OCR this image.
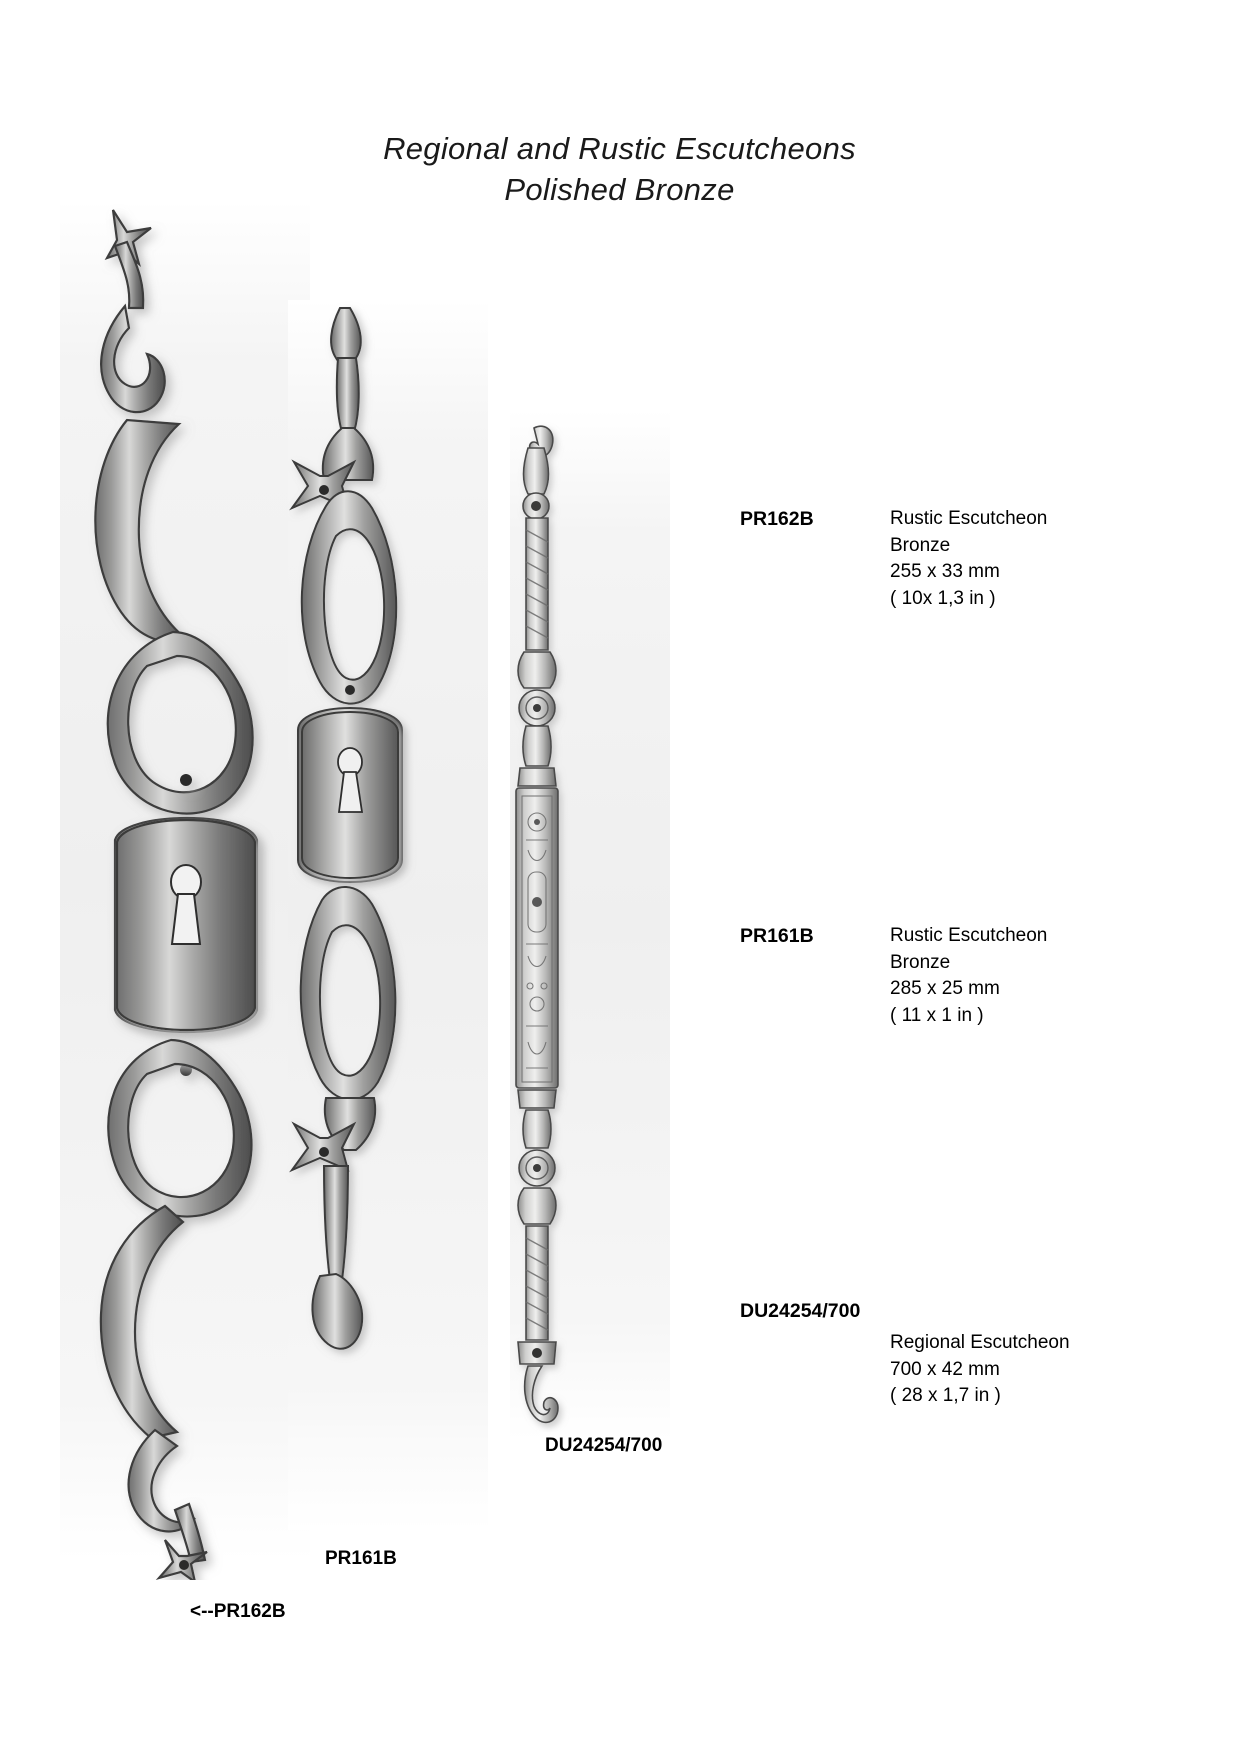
Regional and Rustic Escutcheons
Polished Bronze
<--PR162B
PR161B
DU24254/700
PR162B	Rustic Escutcheon
Bronze
255 x 33 mm
( 10x 1,3 in )
PR161B	Rustic Escutcheon
Bronze
285 x 25 mm
( 11 x 1 in )
DU24254/700
Regional Escutcheon
700 x 42 mm
( 28 x 1,7 in )
